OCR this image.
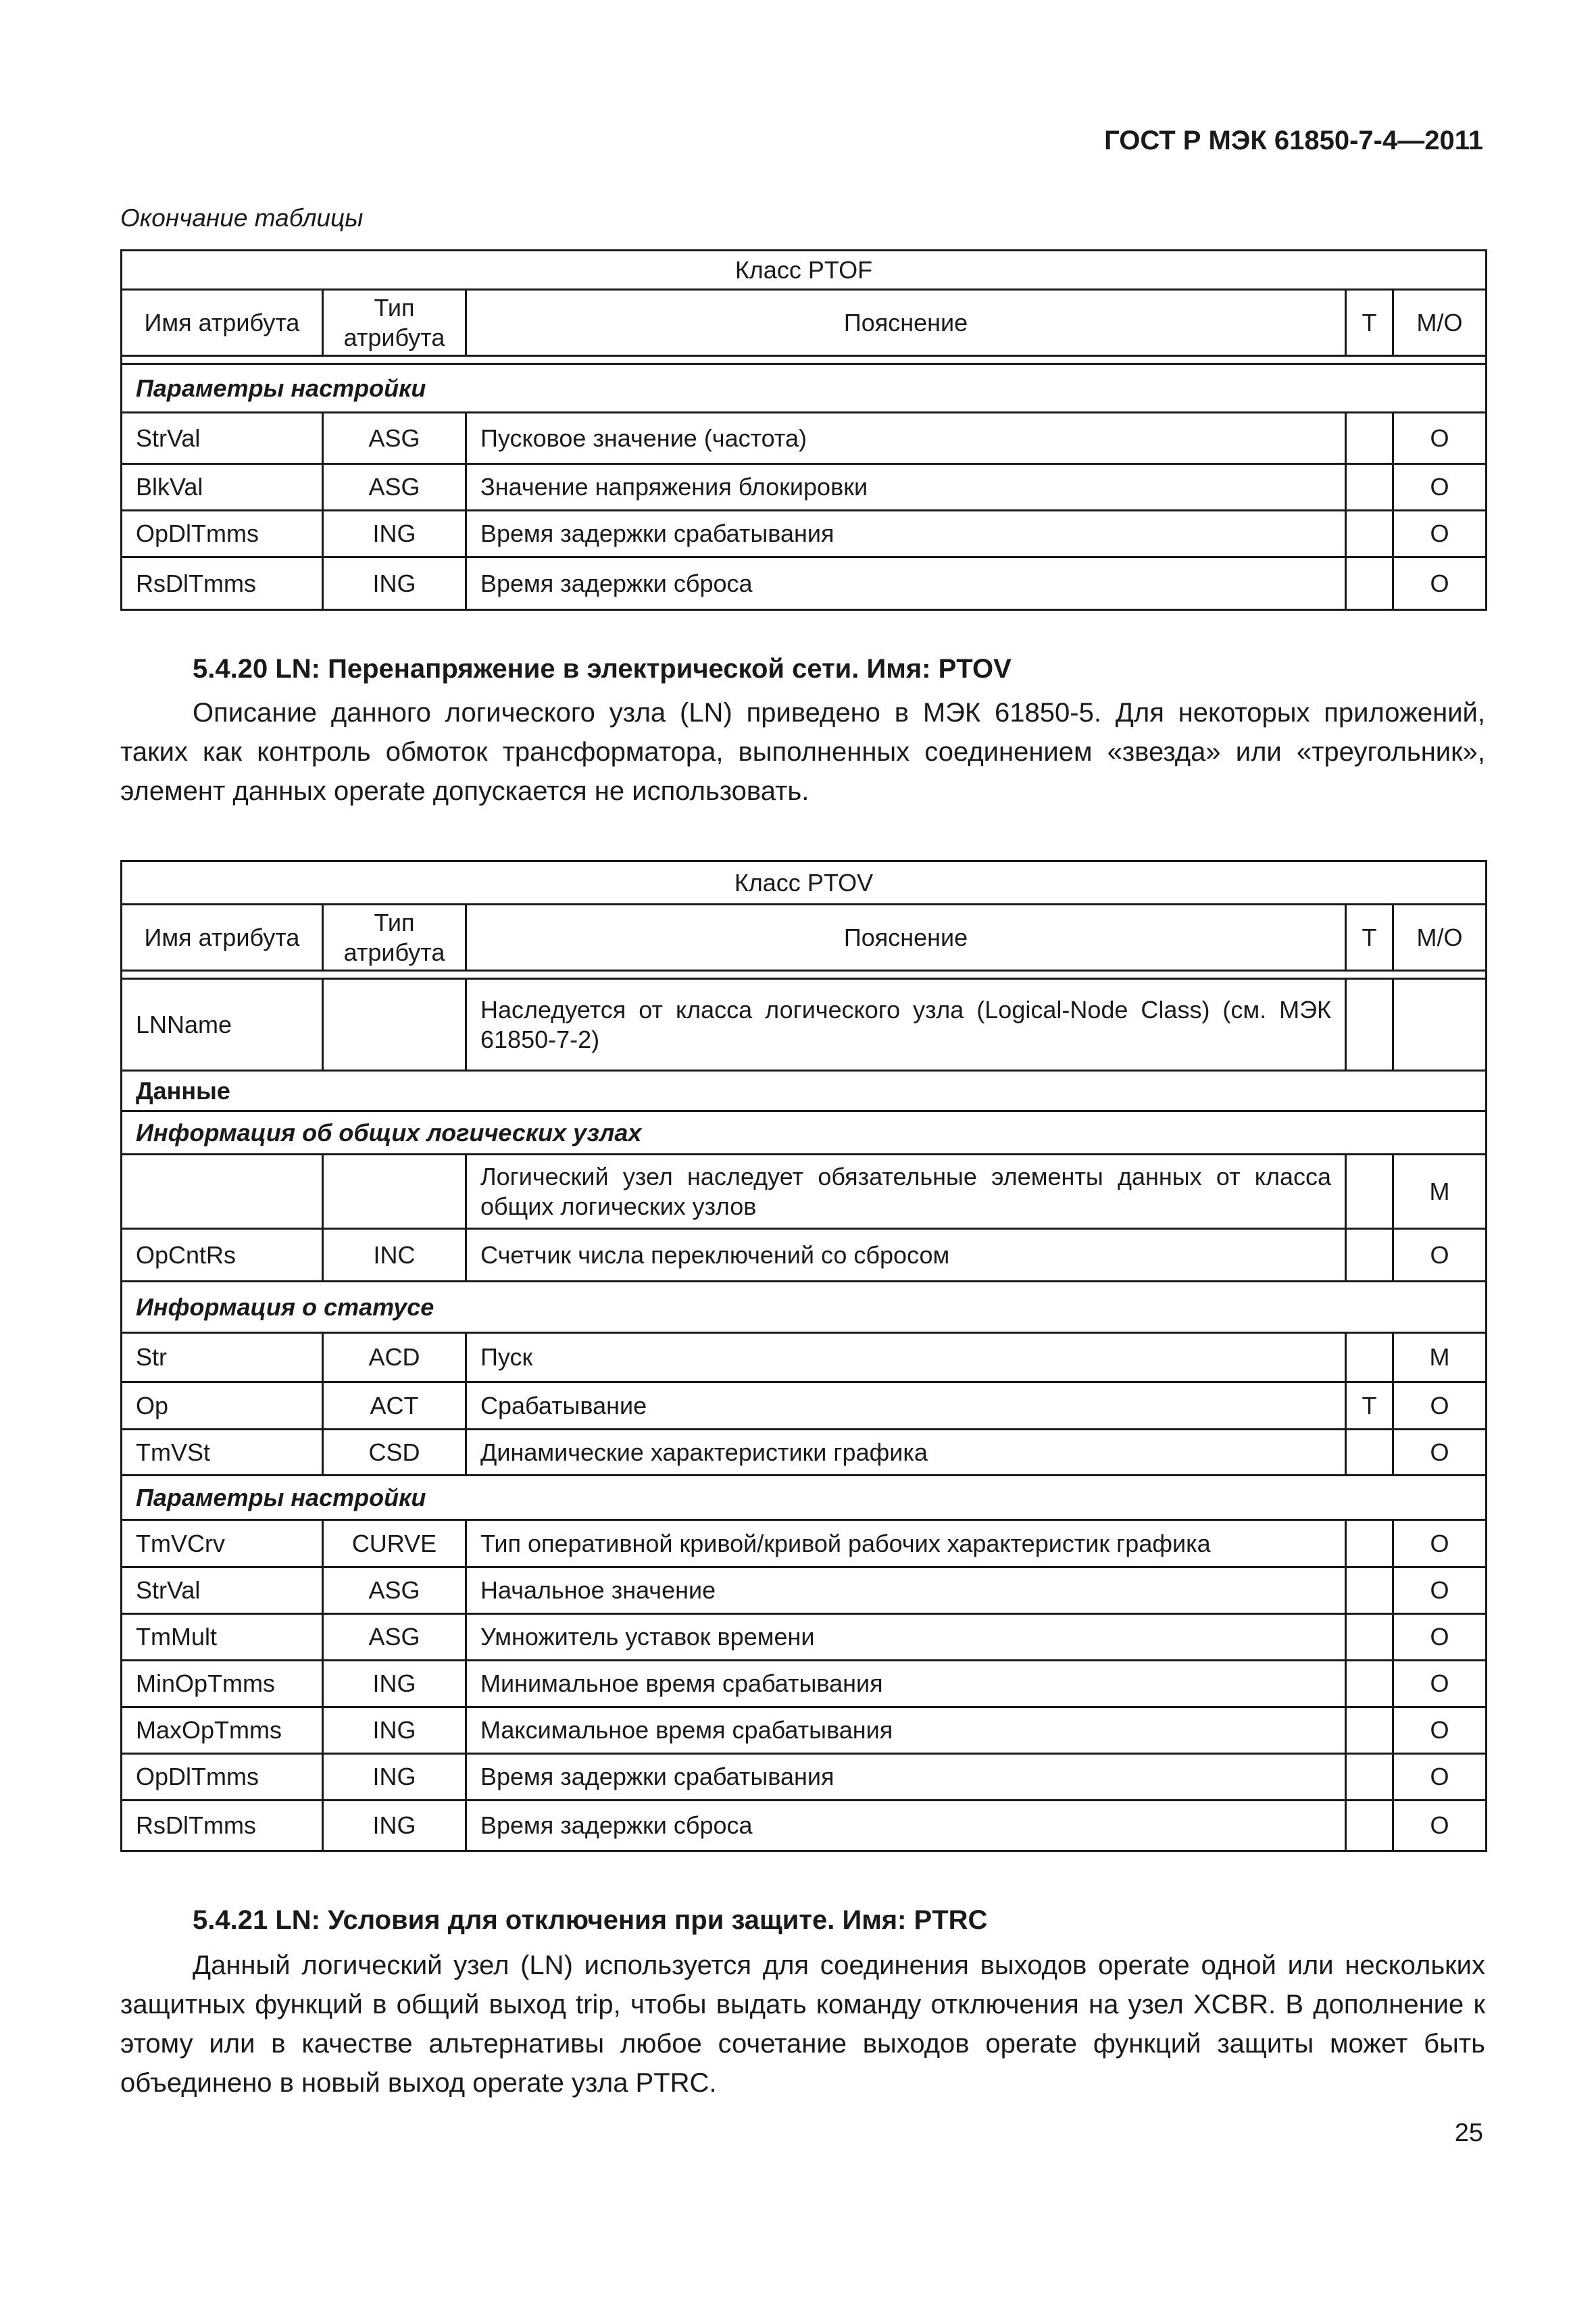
ГОСТ Р МЭК 61850-7-4—2011
Окончание таблицы
Класс PTOF				
Имя атрибута	Тип атрибута	Пояснение	T	M/O

Параметры настройки				
StrVal	ASG	Пусковое значение (частота)		O
BlkVal	ASG	Значение напряжения блокировки		O
OpDlTmms	ING	Время задержки срабатывания		O
RsDlTmms	ING	Время задержки сброса		O
5.4.20 LN: Перенапряжение в электрической сети. Имя: PTOV
Описание данного логического узла (LN) приведено в МЭК 61850-5. Для некоторых приложений, таких как контроль обмоток трансформатора, выполненных соединением «звезда» или «треугольник», элемент данных operate допускается не использовать.
Класс PTOV				
Имя атрибута	Тип атрибута	Пояснение	T	M/O

LNName		Наследуется от класса логического узла (Logical-Node Class) (см. МЭК 61850-7-2)		
Данные				
Информация об общих логических узлах				
		Логический узел наследует обязательные элементы данных от класса общих логических узлов		M
OpCntRs	INC	Счетчик числа переключений со сбросом		O
Информация о статусе				
Str	ACD	Пуск		M
Op	ACT	Срабатывание	T	O
TmVSt	CSD	Динамические характеристики графика		O
Параметры настройки				
TmVCrv	CURVE	Тип оперативной кривой/кривой рабочих характеристик графика		O
StrVal	ASG	Начальное значение		O
TmMult	ASG	Умножитель уставок времени		O
MinOpTmms	ING	Минимальное время срабатывания		O
MaxOpTmms	ING	Максимальное время срабатывания		O
OpDlTmms	ING	Время задержки срабатывания		O
RsDlTmms	ING	Время задержки сброса		O
5.4.21 LN: Условия для отключения при защите. Имя: PTRC
Данный логический узел (LN) используется для соединения выходов operate одной или нескольких защитных функций в общий выход trip, чтобы выдать команду отключения на узел XCBR. В дополнение к этому или в качестве альтернативы любое сочетание выходов operate функций защиты может быть объединено в новый выход operate узла PTRC.
25
